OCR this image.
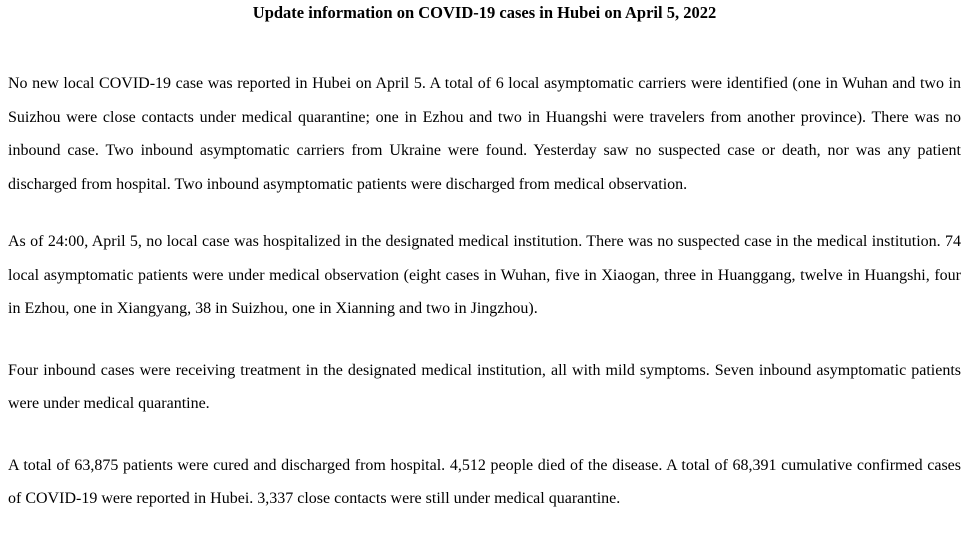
Update information on COVID-19 cases in Hubei on April 5, 2022

No new local COVID-19 case was reported in Hubei on April 5. A total of 6 local asymptomatic carriers were identified (one in Wuhan and two in Suizhou were close contacts under medical quarantine; one in Ezhou and two in Huangshi were travelers from another province). There was no inbound case. Two inbound asymptomatic carriers from Ukraine were found. Yesterday saw no suspected case or death, nor was any patient discharged from hospital. Two inbound asymptomatic patients were discharged from medical observation.

As of 24:00, April 5, no local case was hospitalized in the designated medical institution. There was no suspected case in the medical institution. 74 local asymptomatic patients were under medical observation (eight cases in Wuhan, five in Xiaogan, three in Huanggang, twelve in Huangshi, four in Ezhou, one in Xiangyang, 38 in Suizhou, one in Xianning and two in Jingzhou).

Four inbound cases were receiving treatment in the designated medical institution, all with mild symptoms. Seven inbound asymptomatic patients were under medical quarantine.

A total of 63,875 patients were cured and discharged from hospital. 4,512 people died of the disease. A total of 68,391 cumulative confirmed cases of COVID-19 were reported in Hubei. 3,337 close contacts were still under medical quarantine.
